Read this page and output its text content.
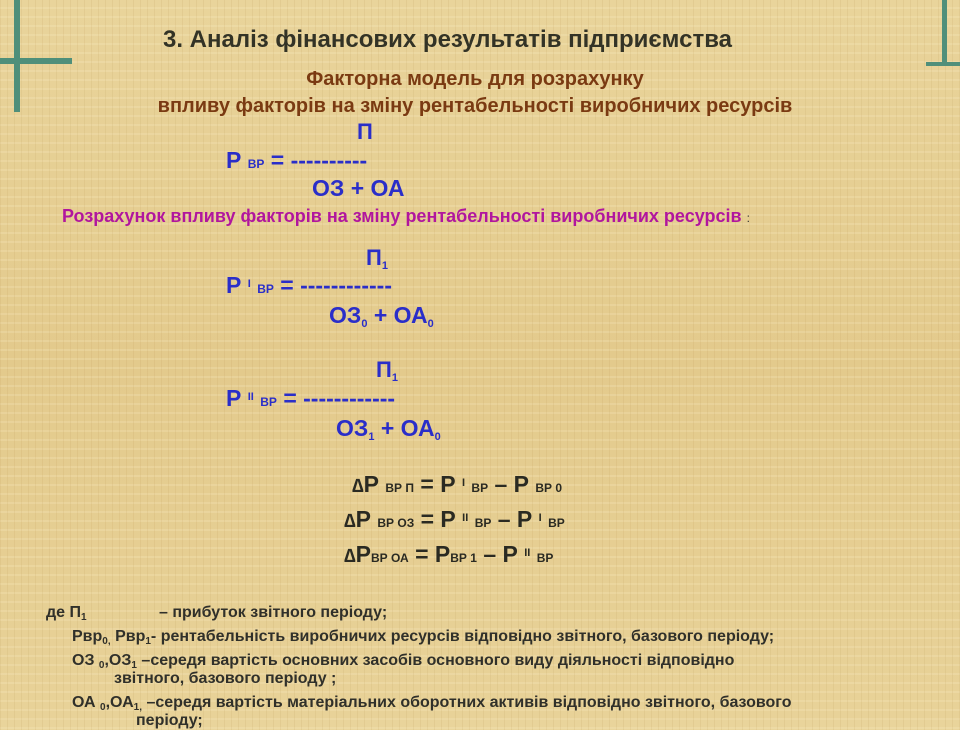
3. Аналіз фінансових результатів підприємства
Факторна модель для розрахунку
впливу факторів на зміну рентабельності виробничих ресурсів
П
Р ВР = ----------
ОЗ + ОА
Розрахунок впливу факторів на зміну рентабельності виробничих ресурсів :
П1
Р $^І$ ВР = ------------
ОЗ0 + ОА0
П1
Р $^{ІІ}$ ВР = ------------
ОЗ1 + ОА0
∆Р ВР П = Р $^І$ ВР – Р ВР 0
∆Р ВР ОЗ = Р $^{ІІ}$ ВР – Р $^І$ ВР
∆РВР ОА = РВР 1 – Р $^{ІІ}$ ВР
де П1	– прибуток звітного періоду;
Рвр0, Рвр1- рентабельність виробничих ресурсів відповідно звітного, базового періоду;
ОЗ 0,ОЗ1 –середя вартість основних засобів основного виду діяльності відповідно
звітного, базового періоду ;
ОА 0,ОА1, –середя вартість матеріальних оборотних активів відповідно звітного, базового
періоду;
